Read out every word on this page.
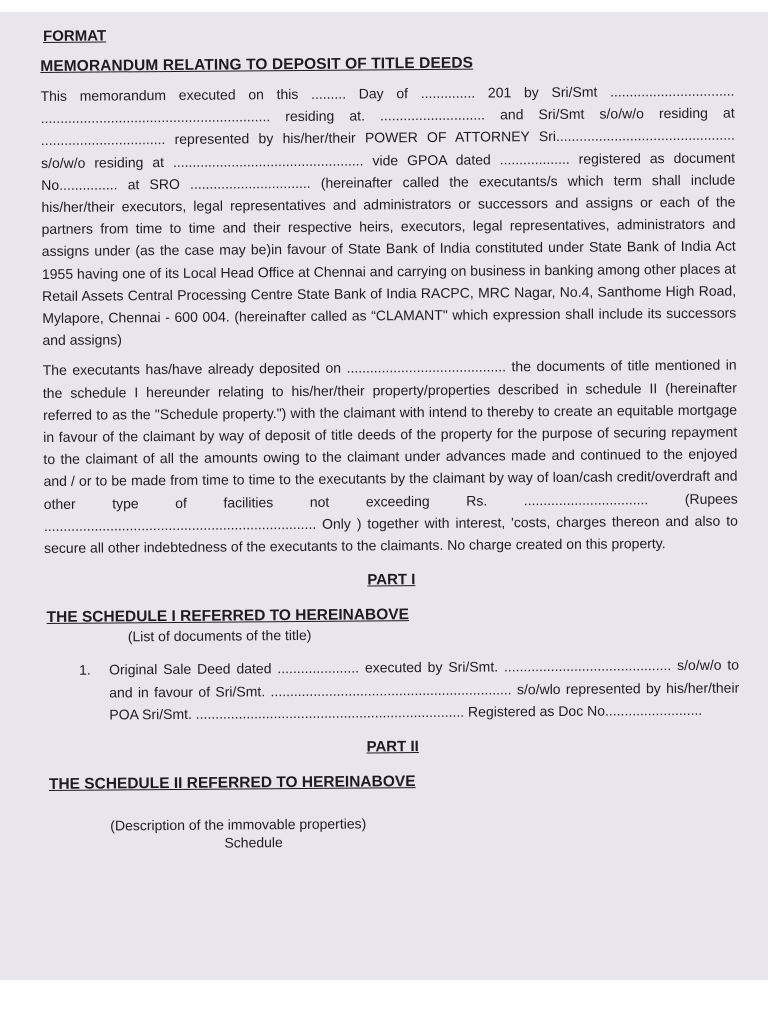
FORMAT
MEMORANDUM RELATING TO DEPOSIT OF TITLE DEEDS

This memorandum executed on this ......... Day of .............. 201 by Sri/Smt ................................ ........................................................... residing at. ........................... and Sri/Smt s/o/w/o residing at ................................ represented by his/her/their POWER OF ATTORNEY Sri.............................................. s/o/w/o residing at ................................................. vide GPOA dated .................. registered as document No............... at SRO ............................... (hereinafter called the executants/s which term shall include his/her/their executors, legal representatives and administrators or successors and assigns or each of the partners from time to time and their respective heirs, executors, legal representatives, administrators and assigns under (as the case may be)in favour of State Bank of India constituted under State Bank of India Act 1955 having one of its Local Head Office at Chennai and carrying on business in banking among other places at Retail Assets Central Processing Centre State Bank of India RACPC, MRC Nagar, No.4, Santhome High Road, Mylapore, Chennai - 600 004. (hereinafter called as “CLAMANT" which expression shall include its successors and assigns)

The executants has/have already deposited on ......................................... the documents of title mentioned in the schedule I hereunder relating to his/her/their property/properties described in schedule II (hereinafter referred to as the "Schedule property.") with the claimant with intend to thereby to create an equitable mortgage in favour of the claimant by way of deposit of title deeds of the property for the purpose of securing repayment to the claimant of all the amounts owing to the claimant under advances made and continued to the enjoyed and / or to be made from time to time to the executants by the claimant by way of loan/cash credit/overdraft and other type of facilities not exceeding Rs. ................................ (Rupees ...................................................................... Only ) together with interest, 'costs, charges thereon and also to secure all other indebtedness of the executants to the claimants. No charge created on this property.

PART I
THE SCHEDULE I REFERRED TO HEREINABOVE
(List of documents of the title)
1. Original Sale Deed dated ..................... executed by Sri/Smt. ........................................... s/o/w/o to and in favour of Sri/Smt. .............................................................. s/o/wlo represented by his/her/their POA Sri/Smt. ..................................................................... Registered as Doc No.........................
PART II
THE SCHEDULE II REFERRED TO HEREINABOVE
(Description of the immovable properties)
Schedule
